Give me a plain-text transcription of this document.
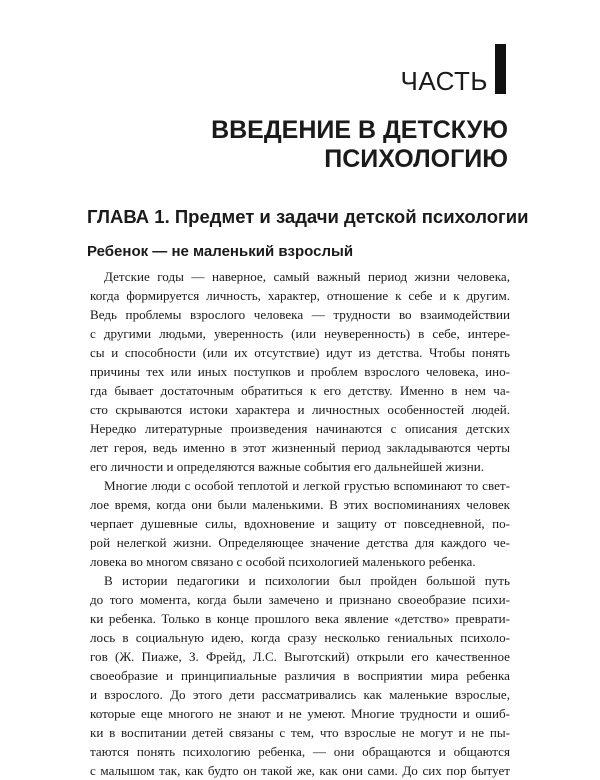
ЧАСТЬ
ВВЕДЕНИЕ В ДЕТСКУЮ
ПСИХОЛОГИЮ
ГЛАВА 1. Предмет и задачи детской психологии
Ребенок — не маленький взрослый
Детские годы — наверное, самый важный период жизни человека,
когда формируется личность, характер, отношение к себе и к другим.
Ведь проблемы взрослого человека — трудности во взаимодействии
с другими людьми, уверенность (или неуверенность) в себе, интере-
сы и способности (или их отсутствие) идут из детства. Чтобы понять
причины тех или иных поступков и проблем взрослого человека, ино-
гда бывает достаточным обратиться к его детству. Именно в нем ча-
сто скрываются истоки характера и личностных особенностей людей.
Нередко литературные произведения начинаются с описания детских
лет героя, ведь именно в этот жизненный период закладываются черты
его личности и определяются важные события его дальнейшей жизни.
Многие люди с особой теплотой и легкой грустью вспоминают то свет-
лое время, когда они были маленькими. В этих воспоминаниях человек
черпает душевные силы, вдохновение и защиту от повседневной, по-
рой нелегкой жизни. Определяющее значение детства для каждого че-
ловека во многом связано с особой психологией маленького ребенка.
В истории педагогики и психологии был пройден большой путь
до того момента, когда были замечено и признано своеобразие психи-
ки ребенка. Только в конце прошлого века явление «детство» преврати-
лось в социальную идею, когда сразу несколько гениальных психоло-
гов (Ж. Пиаже, З. Фрейд, Л.С. Выготский) открыли его качественное
своеобразие и принципиальные различия в восприятии мира ребенка
и взрослого. До этого дети рассматривались как маленькие взрослые,
которые еще многого не знают и не умеют. Многие трудности и ошиб-
ки в воспитании детей связаны с тем, что взрослые не могут и не пы-
таются понять психологию ребенка, — они обращаются и общаются
с малышом так, как будто он такой же, как они сами. До сих пор бытует
